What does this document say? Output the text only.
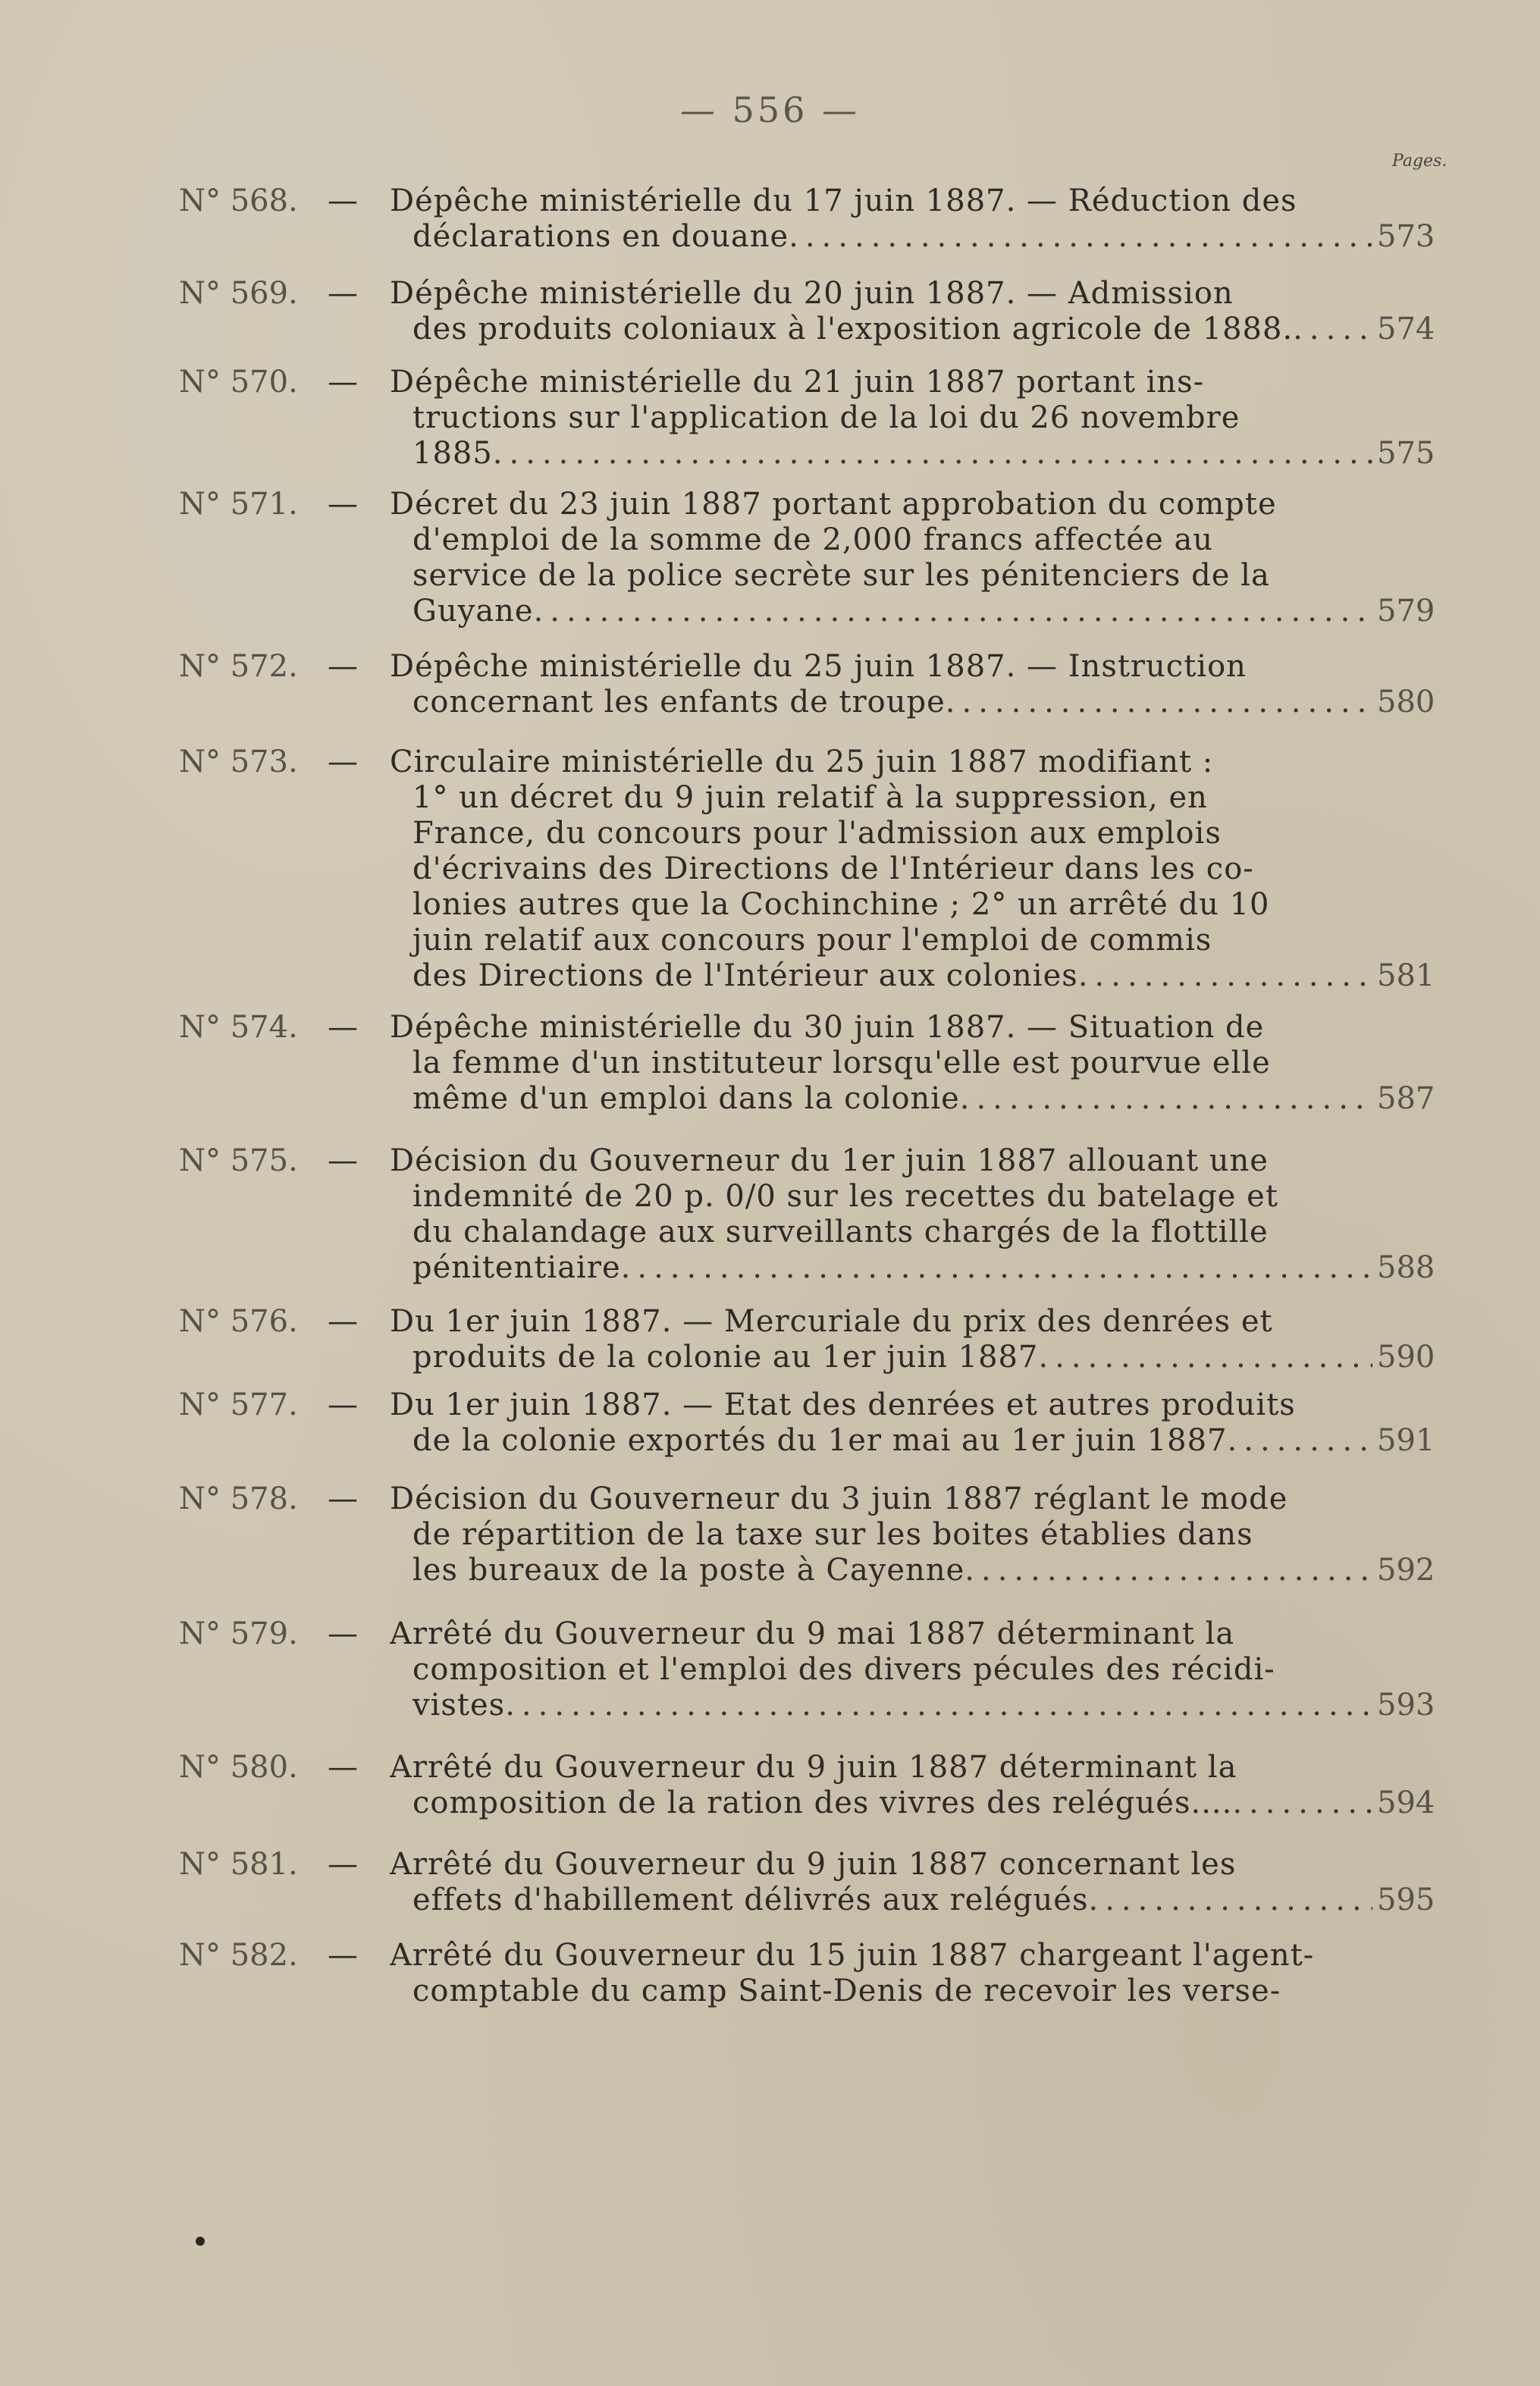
— 556 —
Pages.
N° 568. — Dépêche ministérielle du 17 juin 1887. — Réduction des
déclarations en douane .....	573
N° 569. — Dépêche ministérielle du 20 juin 1887. — Admission
des produits coloniaux à l'exposition agricole de 1888. .....	574
N° 570. — Dépêche ministérielle du 21 juin 1887 portant ins-
tructions sur l'application de la loi du 26 novembre
1885 .....	575
N° 571. — Décret du 23 juin 1887 portant approbation du compte
d'emploi de la somme de 2,000 francs affectée au
service de la police secrète sur les pénitenciers de la
Guyane .....	579
N° 572. — Dépêche ministérielle du 25 juin 1887. — Instruction
concernant les enfants de troupe .....	580
N° 573. — Circulaire ministérielle du 25 juin 1887 modifiant :
1° un décret du 9 juin relatif à la suppression, en
France, du concours pour l'admission aux emplois
d'écrivains des Directions de l'Intérieur dans les co-
lonies autres que la Cochinchine ; 2° un arrêté du 10
juin relatif aux concours pour l'emploi de commis
des Directions de l'Intérieur aux colonies .....	581
N° 574. — Dépêche ministérielle du 30 juin 1887. — Situation de
la femme d'un instituteur lorsqu'elle est pourvue elle
même d'un emploi dans la colonie .....	587
N° 575. — Décision du Gouverneur du 1er juin 1887 allouant une
indemnité de 20 p. 0/0 sur les recettes du batelage et
du chalandage aux surveillants chargés de la flottille
pénitentiaire .....	588
N° 576. — Du 1er juin 1887. — Mercuriale du prix des denrées et
produits de la colonie au 1er juin 1887 .....	590
N° 577. — Du 1er juin 1887. — Etat des denrées et autres produits
de la colonie exportés du 1er mai au 1er juin 1887 .....	591
N° 578. — Décision du Gouverneur du 3 juin 1887 réglant le mode
de répartition de la taxe sur les boites établies dans
les bureaux de la poste à Cayenne .....	592
N° 579. — Arrêté du Gouverneur du 9 mai 1887 déterminant la
composition et l'emploi des divers pécules des récidi-
vistes .....	593
N° 580. — Arrêté du Gouverneur du 9 juin 1887 déterminant la
composition de la ration des vivres des relégués.... .....	594
N° 581. — Arrêté du Gouverneur du 9 juin 1887 concernant les
effets d'habillement délivrés aux relégués .....	595
N° 582. — Arrêté du Gouverneur du 15 juin 1887 chargeant l'agent-
comptable du camp Saint-Denis de recevoir les verse-
